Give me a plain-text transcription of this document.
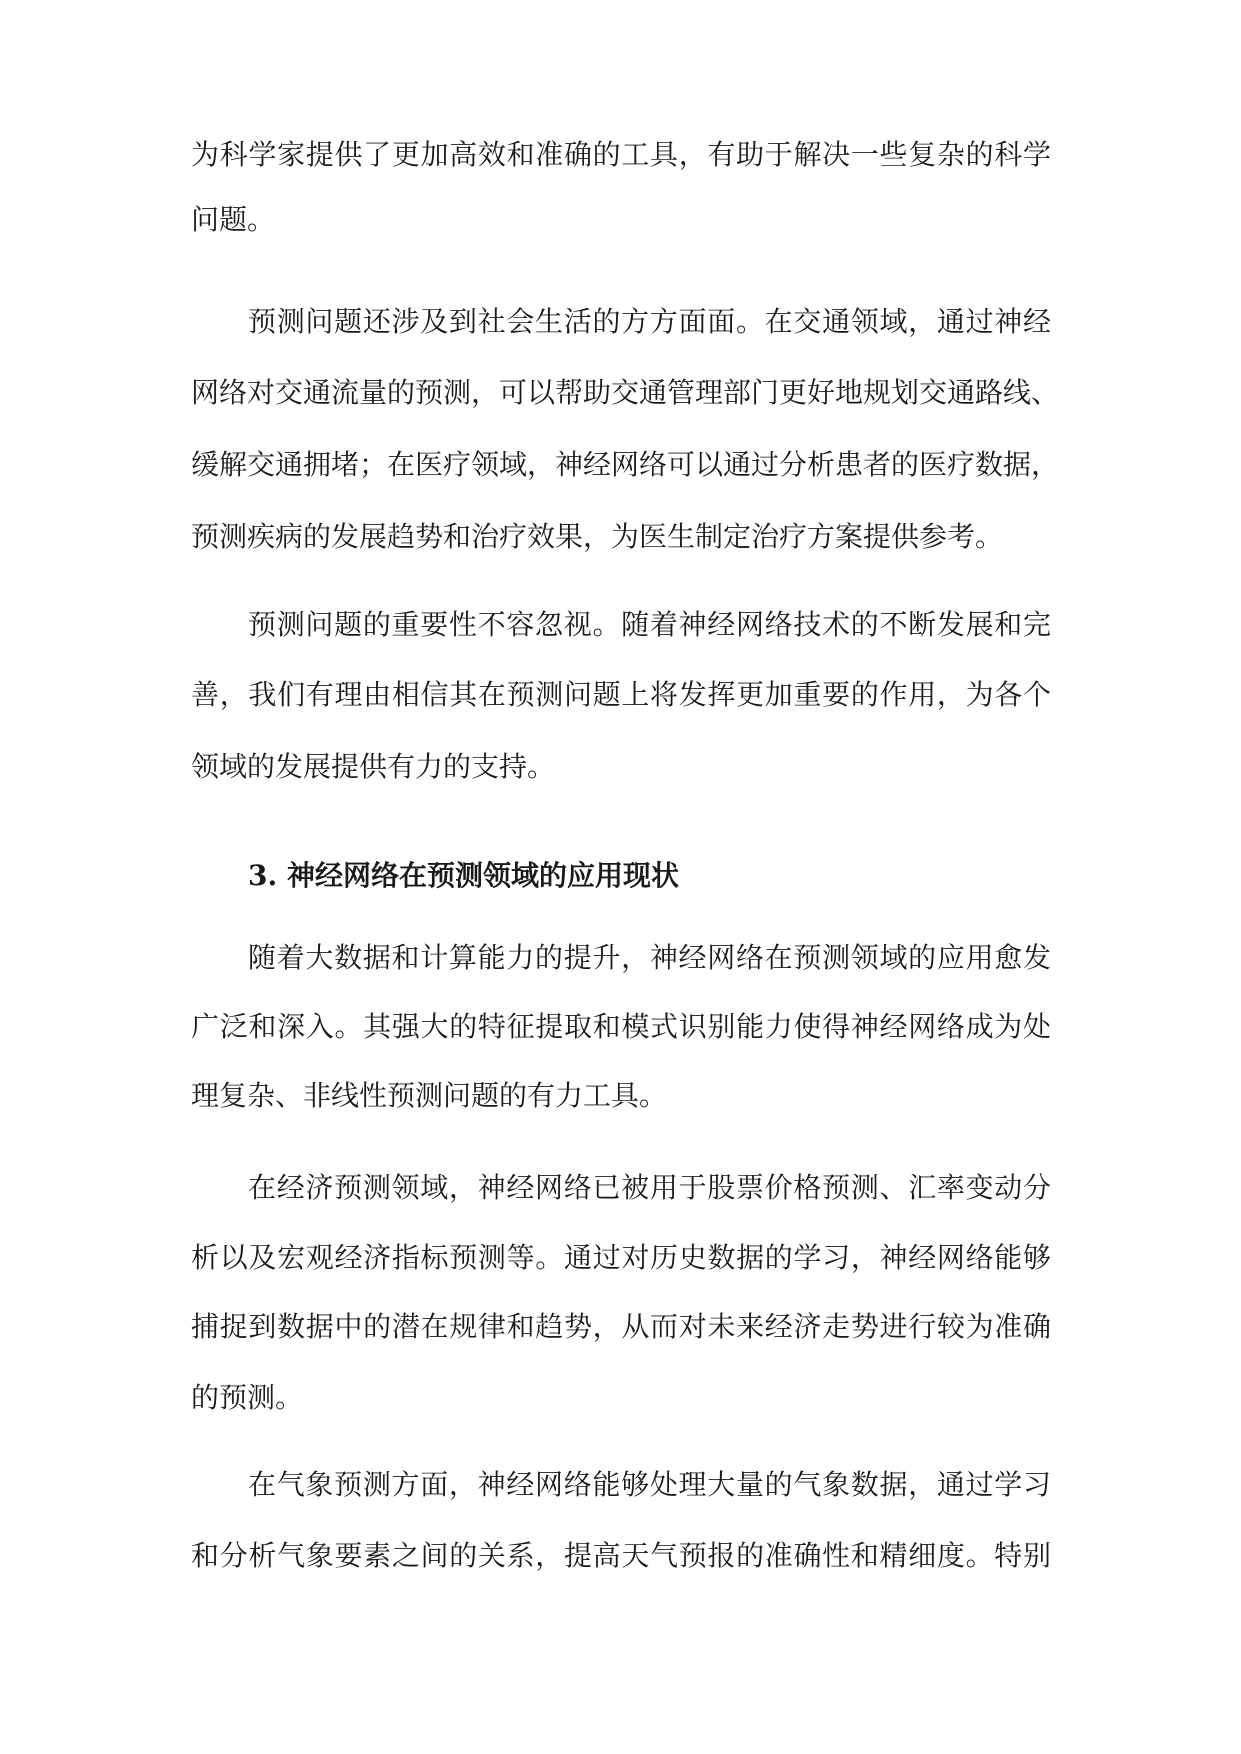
为科学家提供了更加高效和准确的工具，有助于解决一些复杂的科学
问题。
预测问题还涉及到社会生活的方方面面。在交通领域，通过神经
网络对交通流量的预测，可以帮助交通管理部门更好地规划交通路线、
缓解交通拥堵；在医疗领域，神经网络可以通过分析患者的医疗数据，
预测疾病的发展趋势和治疗效果，为医生制定治疗方案提供参考。
预测问题的重要性不容忽视。随着神经网络技术的不断发展和完
善，我们有理由相信其在预测问题上将发挥更加重要的作用，为各个
领域的发展提供有力的支持。
3. 神经网络在预测领域的应用现状
随着大数据和计算能力的提升，神经网络在预测领域的应用愈发
广泛和深入。其强大的特征提取和模式识别能力使得神经网络成为处
理复杂、非线性预测问题的有力工具。
在经济预测领域，神经网络已被用于股票价格预测、汇率变动分
析以及宏观经济指标预测等。通过对历史数据的学习，神经网络能够
捕捉到数据中的潜在规律和趋势，从而对未来经济走势进行较为准确
的预测。
在气象预测方面，神经网络能够处理大量的气象数据，通过学习
和分析气象要素之间的关系，提高天气预报的准确性和精细度。特别
